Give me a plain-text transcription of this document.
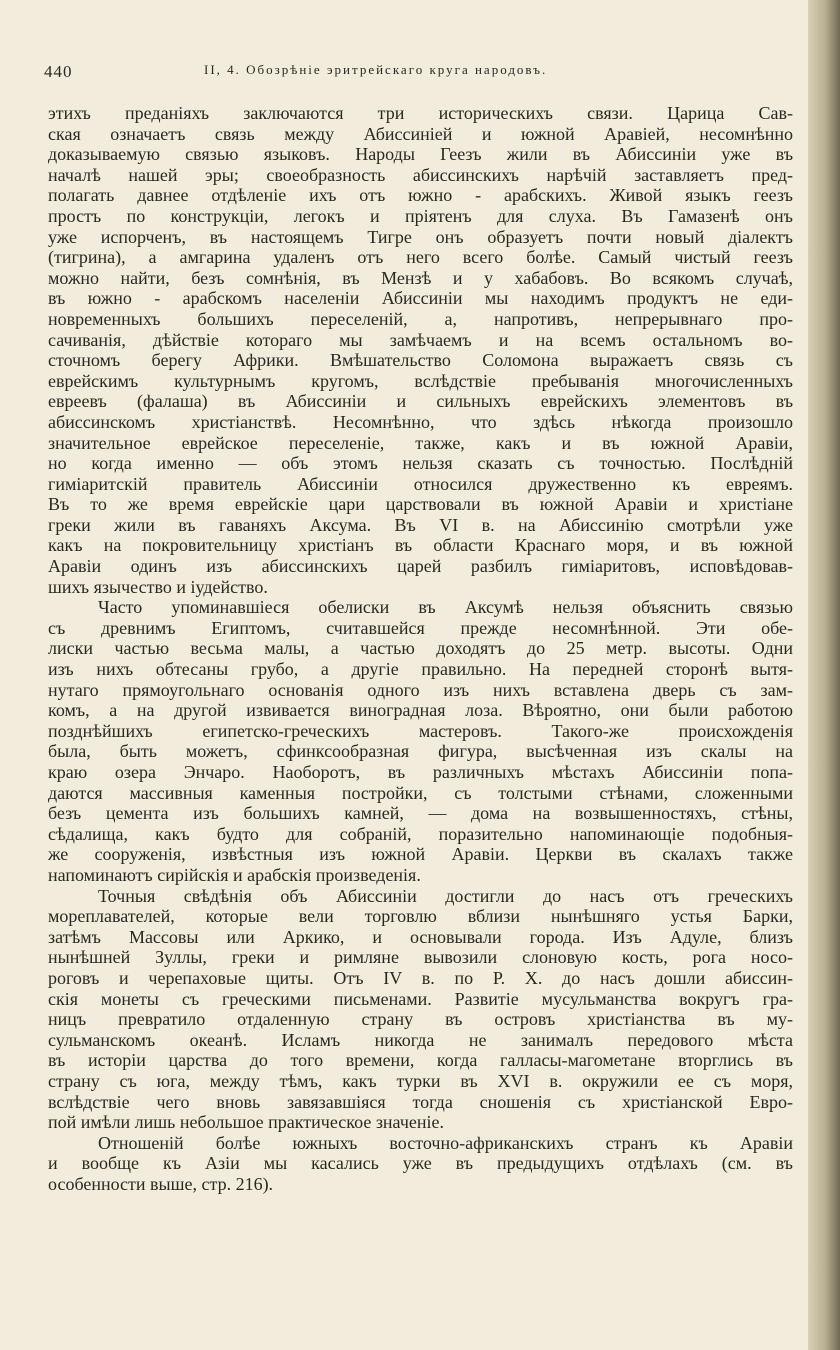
440	II, 4. Обозрѣніе эритрейскаго круга народовъ.

этихъ преданіяхъ заключаются три историческихъ связи. Царица Сав-

ская означаетъ связь между Абиссиніей и южной Аравіей, несомнѣнно

доказываемую связью языковъ. Народы Геезъ жили въ Абиссиніи уже въ

началѣ нашей эры; своеобразность абиссинскихъ нарѣчій заставляетъ пред-

полагать давнее отдѣленіе ихъ отъ южно - арабскихъ. Живой языкъ геезъ

простъ по конструкціи, легокъ и пріятенъ для слуха. Въ Гамазенѣ онъ

уже испорченъ, въ настоящемъ Тигре онъ образуетъ почти новый діалектъ

(тигрина), а амгарина удаленъ отъ него всего болѣе. Самый чистый геезъ

можно найти, безъ сомнѣнія, въ Мензѣ и у хабабовъ. Во всякомъ случаѣ,

въ южно - арабскомъ населеніи Абиссиніи мы находимъ продуктъ не еди-

новременныхъ большихъ переселеній, а, напротивъ, непрерывнаго про-

сачиванія, дѣйствіе котораго мы замѣчаемъ и на всемъ остальномъ во-

сточномъ берегу Африки. Вмѣшательство Соломона выражаетъ связь съ

еврейскимъ культурнымъ кругомъ, вслѣдствіе пребыванія многочисленныхъ

евреевъ (фалаша) въ Абиссиніи и сильныхъ еврейскихъ элементовъ въ

абиссинскомъ христіанствѣ. Несомнѣнно, что здѣсь нѣкогда произошло

значительное еврейское переселеніе, также, какъ и въ южной Аравіи,

но когда именно — объ этомъ нельзя сказать съ точностью. Послѣдній

гиміаритскій правитель Абиссиніи относился дружественно къ евреямъ.

Въ то же время еврейскіе цари царствовали въ южной Аравіи и христіане

греки жили въ гаваняхъ Аксума. Въ VI в. на Абиссинію смотрѣли уже

какъ на покровительницу христіанъ въ области Краснаго моря, и въ южной

Аравіи одинъ изъ абиссинскихъ царей разбилъ гиміаритовъ, исповѣдовав-

шихъ язычество и іудейство.

Часто упоминавшіеся обелиски въ Аксумѣ нельзя объяснить связью

съ древнимъ Египтомъ, считавшейся прежде несомнѣнной. Эти обе-

лиски частью весьма малы, а частью доходятъ до 25 метр. высоты. Одни

изъ нихъ обтесаны грубо, а другіе правильно. На передней сторонѣ вытя-

нутаго прямоугольнаго основанія одного изъ нихъ вставлена дверь съ зам-

комъ, а на другой извивается виноградная лоза. Вѣроятно, они были работою

позднѣйшихъ египетско-греческихъ мастеровъ. Такого-же происхожденія

была, быть можетъ, сфинксообразная фигура, высѣченная изъ скалы на

краю озера Энчаро. Наоборотъ, въ различныхъ мѣстахъ Абиссиніи попа-

даются массивныя каменныя постройки, съ толстыми стѣнами, сложенными

безъ цемента изъ большихъ камней, — дома на возвышенностяхъ, стѣны,

сѣдалища, какъ будто для собраній, поразительно напоминающіе подобныя-

же сооруженія, извѣстныя изъ южной Аравіи. Церкви въ скалахъ также

напоминаютъ сирійскія и арабскія произведенія.

Точныя свѣдѣнія объ Абиссиніи достигли до насъ отъ греческихъ

мореплавателей, которые вели торговлю вблизи нынѣшняго устья Барки,

затѣмъ Массовы или Аркико, и основывали города. Изъ Адуле, близъ

нынѣшней Зуллы, греки и римляне вывозили слоновую кость, рога носо-

роговъ и черепаховые щиты. Отъ IV в. по Р. Х. до насъ дошли абиссин-

скія монеты съ греческими письменами. Развитіе мусульманства вокругъ гра-

ницъ превратило отдаленную страну въ островъ христіанства въ му-

сульманскомъ океанѣ. Исламъ никогда не занималъ передового мѣста

въ исторіи царства до того времени, когда галласы-магометане вторглись въ

страну съ юга, между тѣмъ, какъ турки въ XVI в. окружили ее съ моря,

вслѣдствіе чего вновь завязавшіяся тогда сношенія съ христіанской Евро-

пой имѣли лишь небольшое практическое значеніе.

Отношеній болѣе южныхъ восточно-африканскихъ странъ къ Аравіи

и вообще къ Азіи мы касались уже въ предыдущихъ отдѣлахъ (см. въ

особенности выше, стр. 216).
